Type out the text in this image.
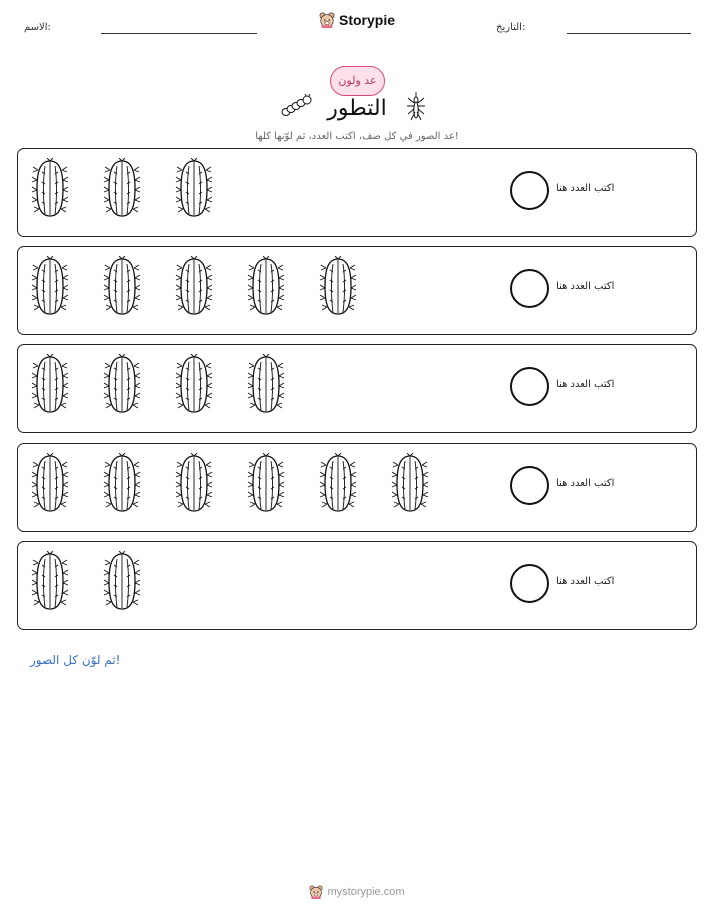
الاسم:	Storypie	التاريخ:
عد ولون
التطور
عد الصور في كل صف، اكتب العدد، ثم لوّنها كلها!
اكتب العدد هنا
اكتب العدد هنا
اكتب العدد هنا
اكتب العدد هنا
اكتب العدد هنا
ثم لوّن كل الصور!
mystorypie.com
